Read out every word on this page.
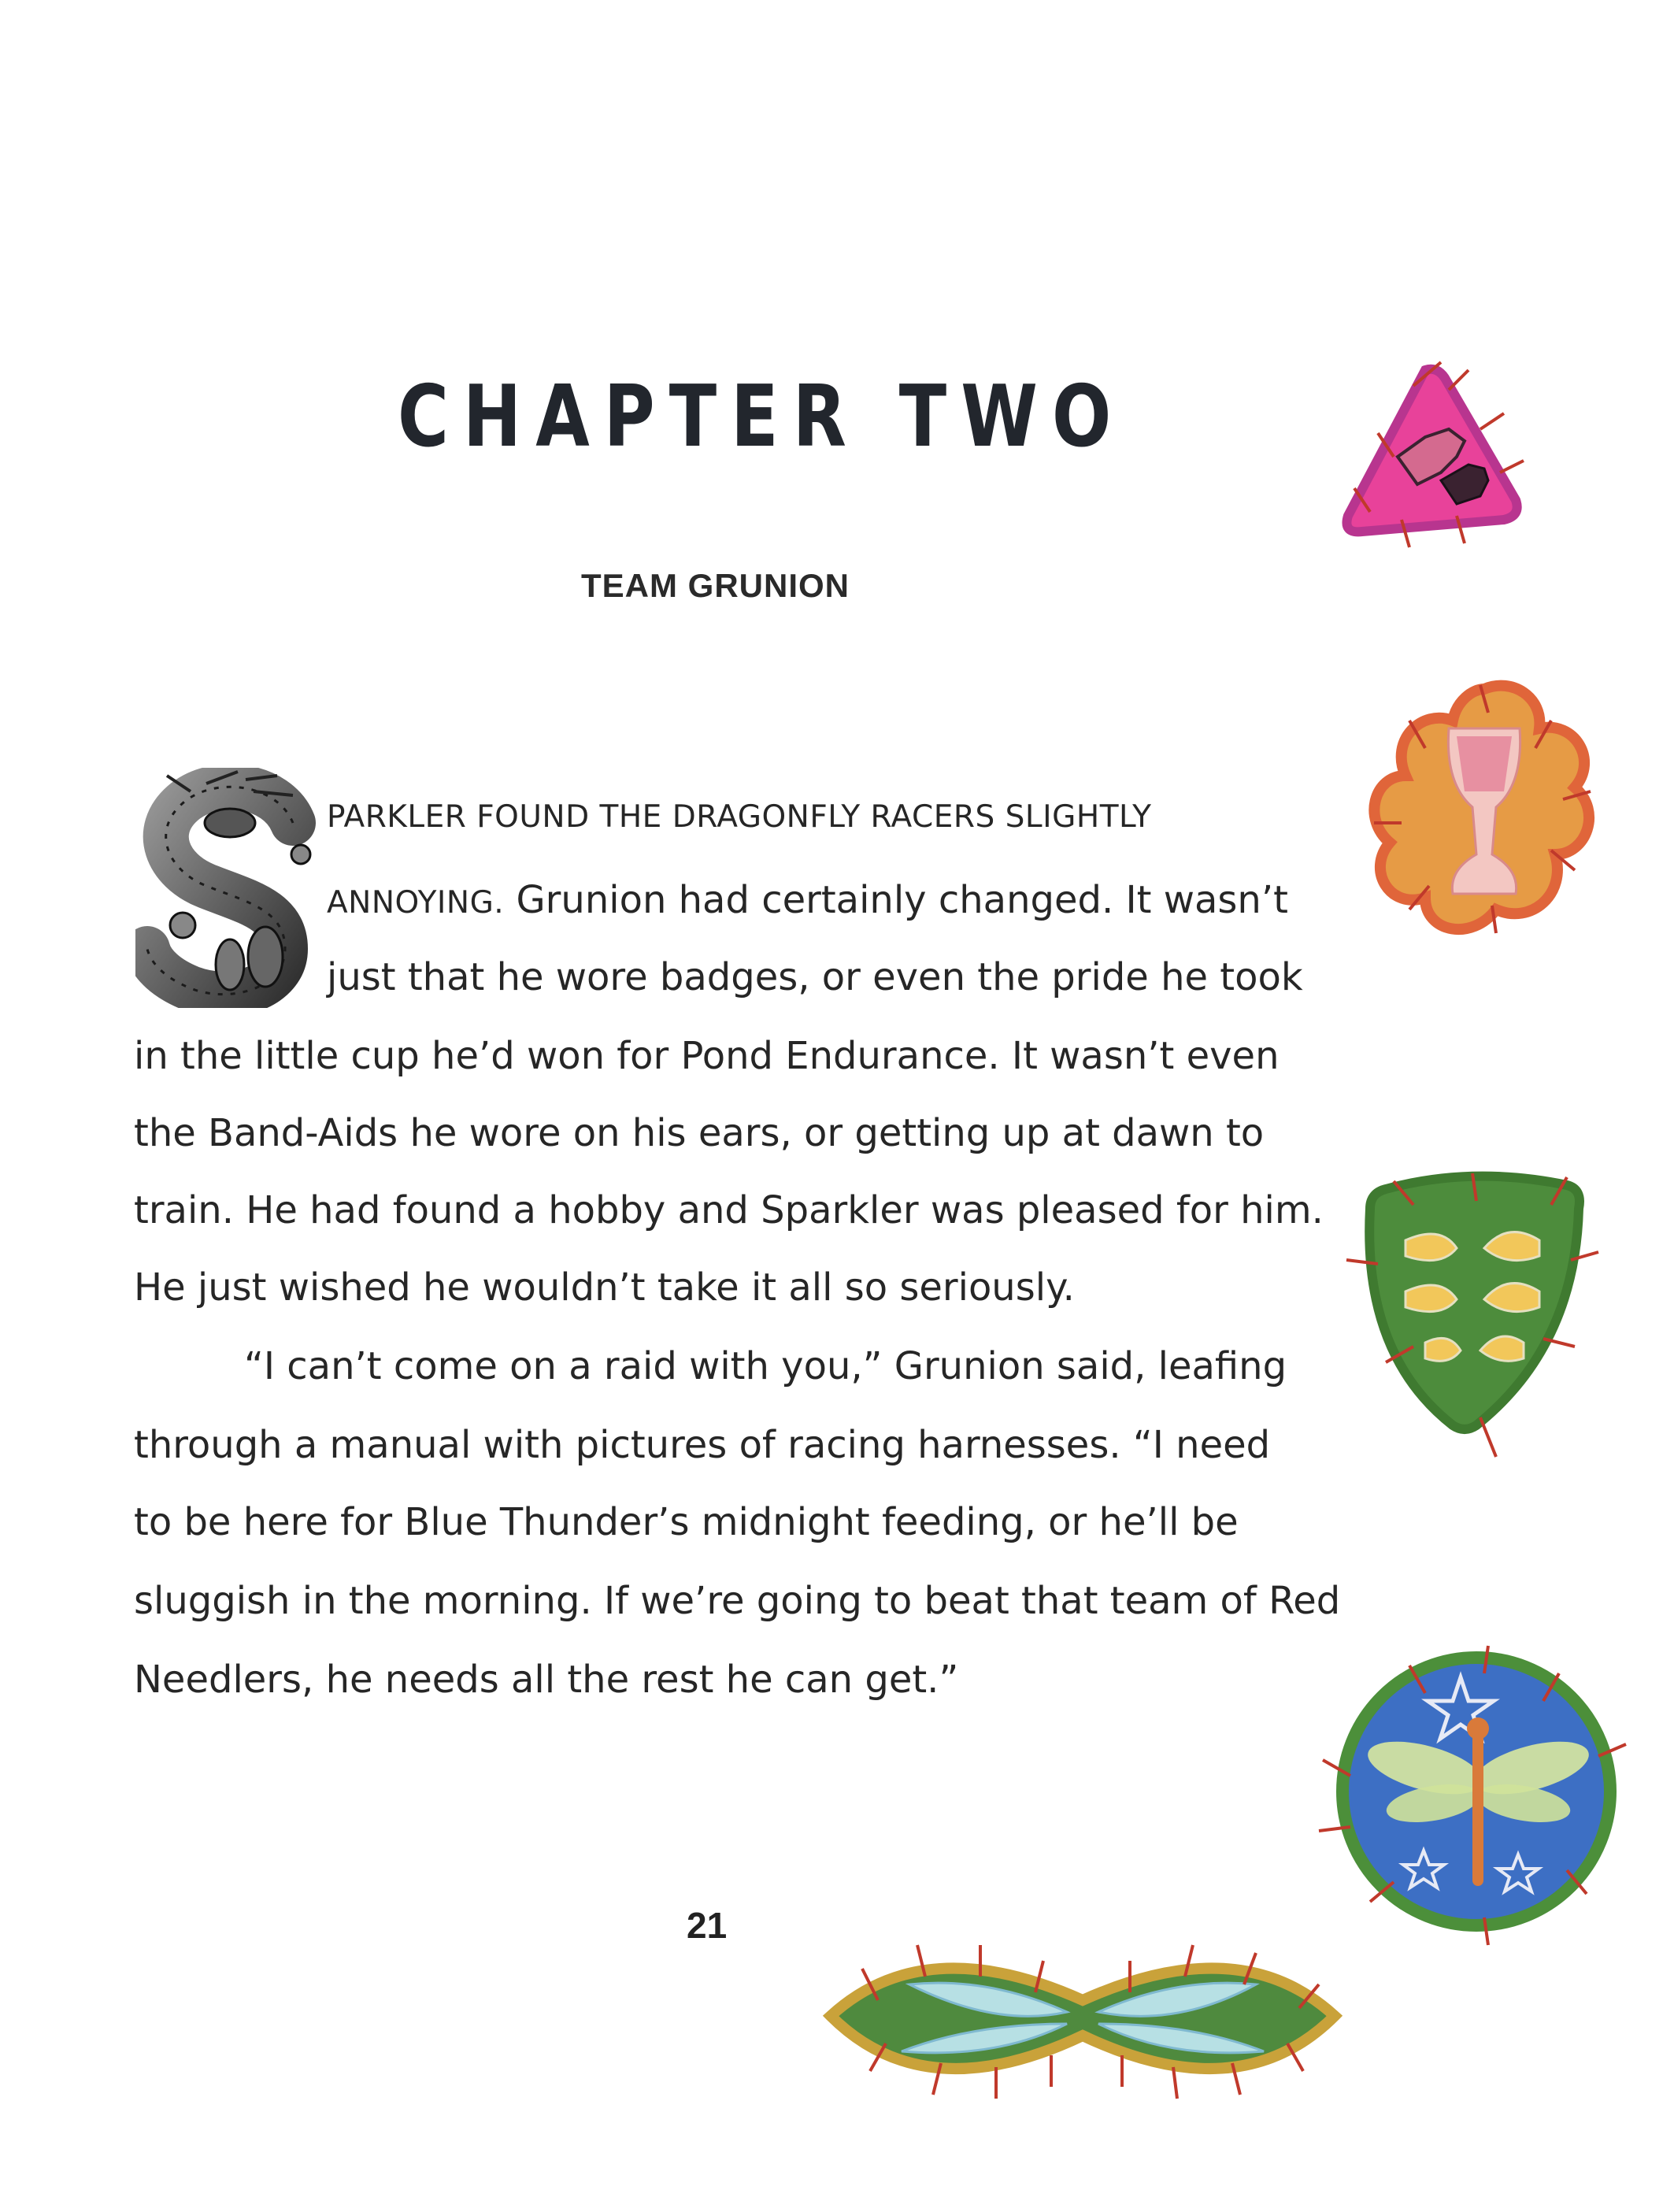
CHAPTER TWO
TEAM GRUNION
PARKLER FOUND THE DRAGONFLY RACERS SLIGHTLY
ANNOYING. Grunion had certainly changed. It wasn’t
just that he wore badges, or even the pride he took
in the little cup he’d won for Pond Endurance. It wasn’t even
the Band-Aids he wore on his ears, or getting up at dawn to
train. He had found a hobby and Sparkler was pleased for him.
He just wished he wouldn’t take it all so seriously.
“I can’t come on a raid with you,” Grunion said, leafing
through a manual with pictures of racing harnesses. “I need
to be here for Blue Thunder’s midnight feeding, or he’ll be
sluggish in the morning. If we’re going to beat that team of Red
Needlers, he needs all the rest he can get.”
21
